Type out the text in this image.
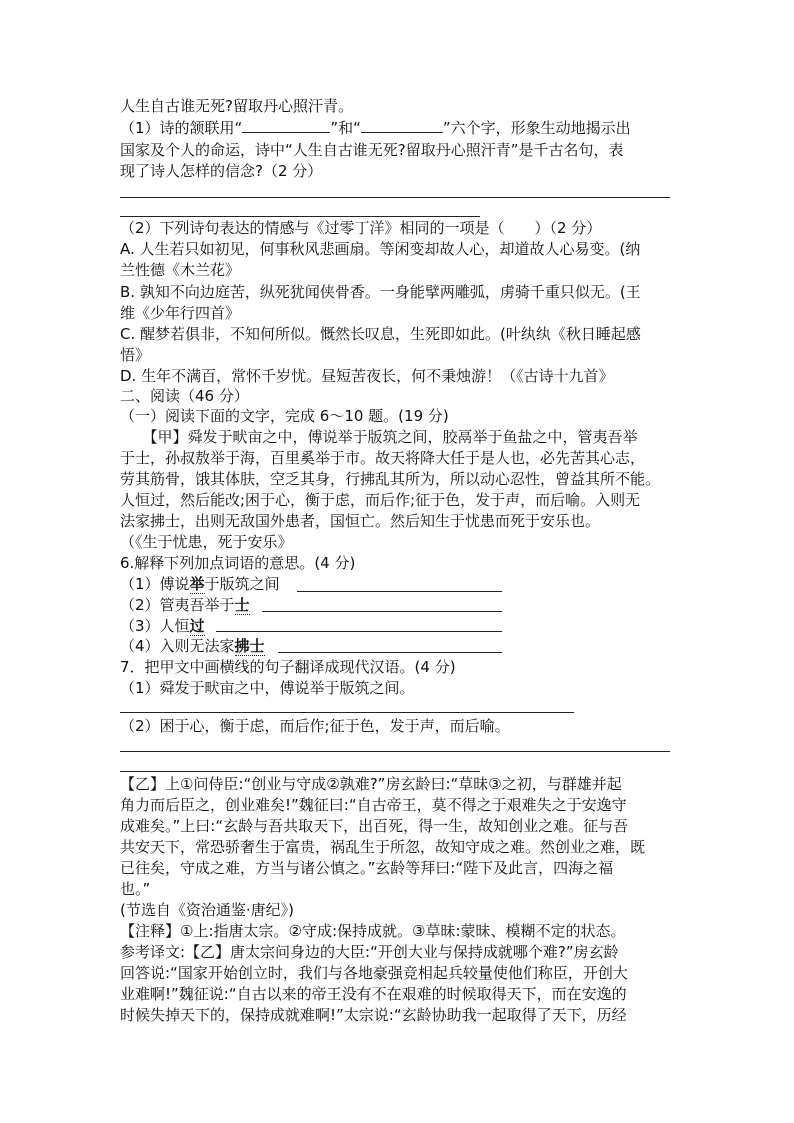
人生自古谁无死?留取丹心照汗青。
（1）诗的颔联用“	”和“	”六个字，形象生动地揭示出
国家及个人的命运，诗中“人生自古谁无死?留取丹心照汗青”是千古名句，表
现了诗人怎样的信念?（2 分）
（2）下列诗句表达的情感与《过零丁洋》相同的一项是（　　）（2 分）
A. 人生若只如初见，何事秋风悲画扇。等闲变却故人心，却道故人心易变。(纳
兰性德《木兰花》
B. 孰知不向边庭苦，纵死犹闻侠骨香。一身能擘两雕弧，虏骑千重只似无。(王
维《少年行四首》
C. 醒梦若俱非，不知何所似。慨然长叹息，生死即如此。(叶纨纨《秋日睡起感
悟》
D. 生年不满百，常怀千岁忧。昼短苦夜长，何不秉烛游！（《古诗十九首》
二、阅读（46 分）
（一）阅读下面的文字，完成 6～10 题。(19 分)
　　【甲】舜发于畎亩之中，傅说举于版筑之间，胶鬲举于鱼盐之中，管夷吾举
于士，孙叔敖举于海，百里奚举于市。故天将降大任于是人也，必先苦其心志，
劳其筋骨，饿其体肤，空乏其身，行拂乱其所为，所以动心忍性，曾益其所不能。
人恒过，然后能改;困于心，衡于虑，而后作;征于色，发于声，而后喻。入则无
法家拂士，出则无敌国外患者，国恒亡。然后知生于忧患而死于安乐也。
（《生于忧患，死于安乐》
6.解释下列加点词语的意思。(4 分)
（1）傅说举于版筑之间
（2）管夷吾举于士
（3）人恒过
（4）入则无法家拂士
7．把甲文中画横线的句子翻译成现代汉语。(4 分)
（1）舜发于畎亩之中，傅说举于版筑之间。
（2）困于心，衡于虑，而后作;征于色，发于声，而后喻。
【乙】上①问侍臣:“创业与守成②孰难?”房玄龄曰:“草昧③之初，与群雄并起
角力而后臣之，创业难矣!”魏征曰:“自古帝王，莫不得之于艰难失之于安逸守
成难矣。”上曰:“玄龄与吾共取天下，出百死，得一生，故知创业之难。征与吾
共安天下，常恐骄奢生于富贵，祸乱生于所忽，故知守成之难。然创业之难，既
已往矣，守成之难，方当与诸公慎之。”玄龄等拜曰:“陛下及此言，四海之福
也。”
(节选自《资治通鉴·唐纪》)
【注释】①上:指唐太宗。②守成:保持成就。③草昧:蒙昧、模糊不定的状态。
参考译文:【乙】唐太宗问身边的大臣:“开创大业与保持成就哪个难?”房玄龄
回答说:“国家开始创立时，我们与各地豪强竞相起兵较量使他们称臣，开创大
业难啊!”魏征说:“自古以来的帝王没有不在艰难的时候取得天下，而在安逸的
时候失掉天下的，保持成就难啊!”太宗说:“玄龄协助我一起取得了天下，历经
